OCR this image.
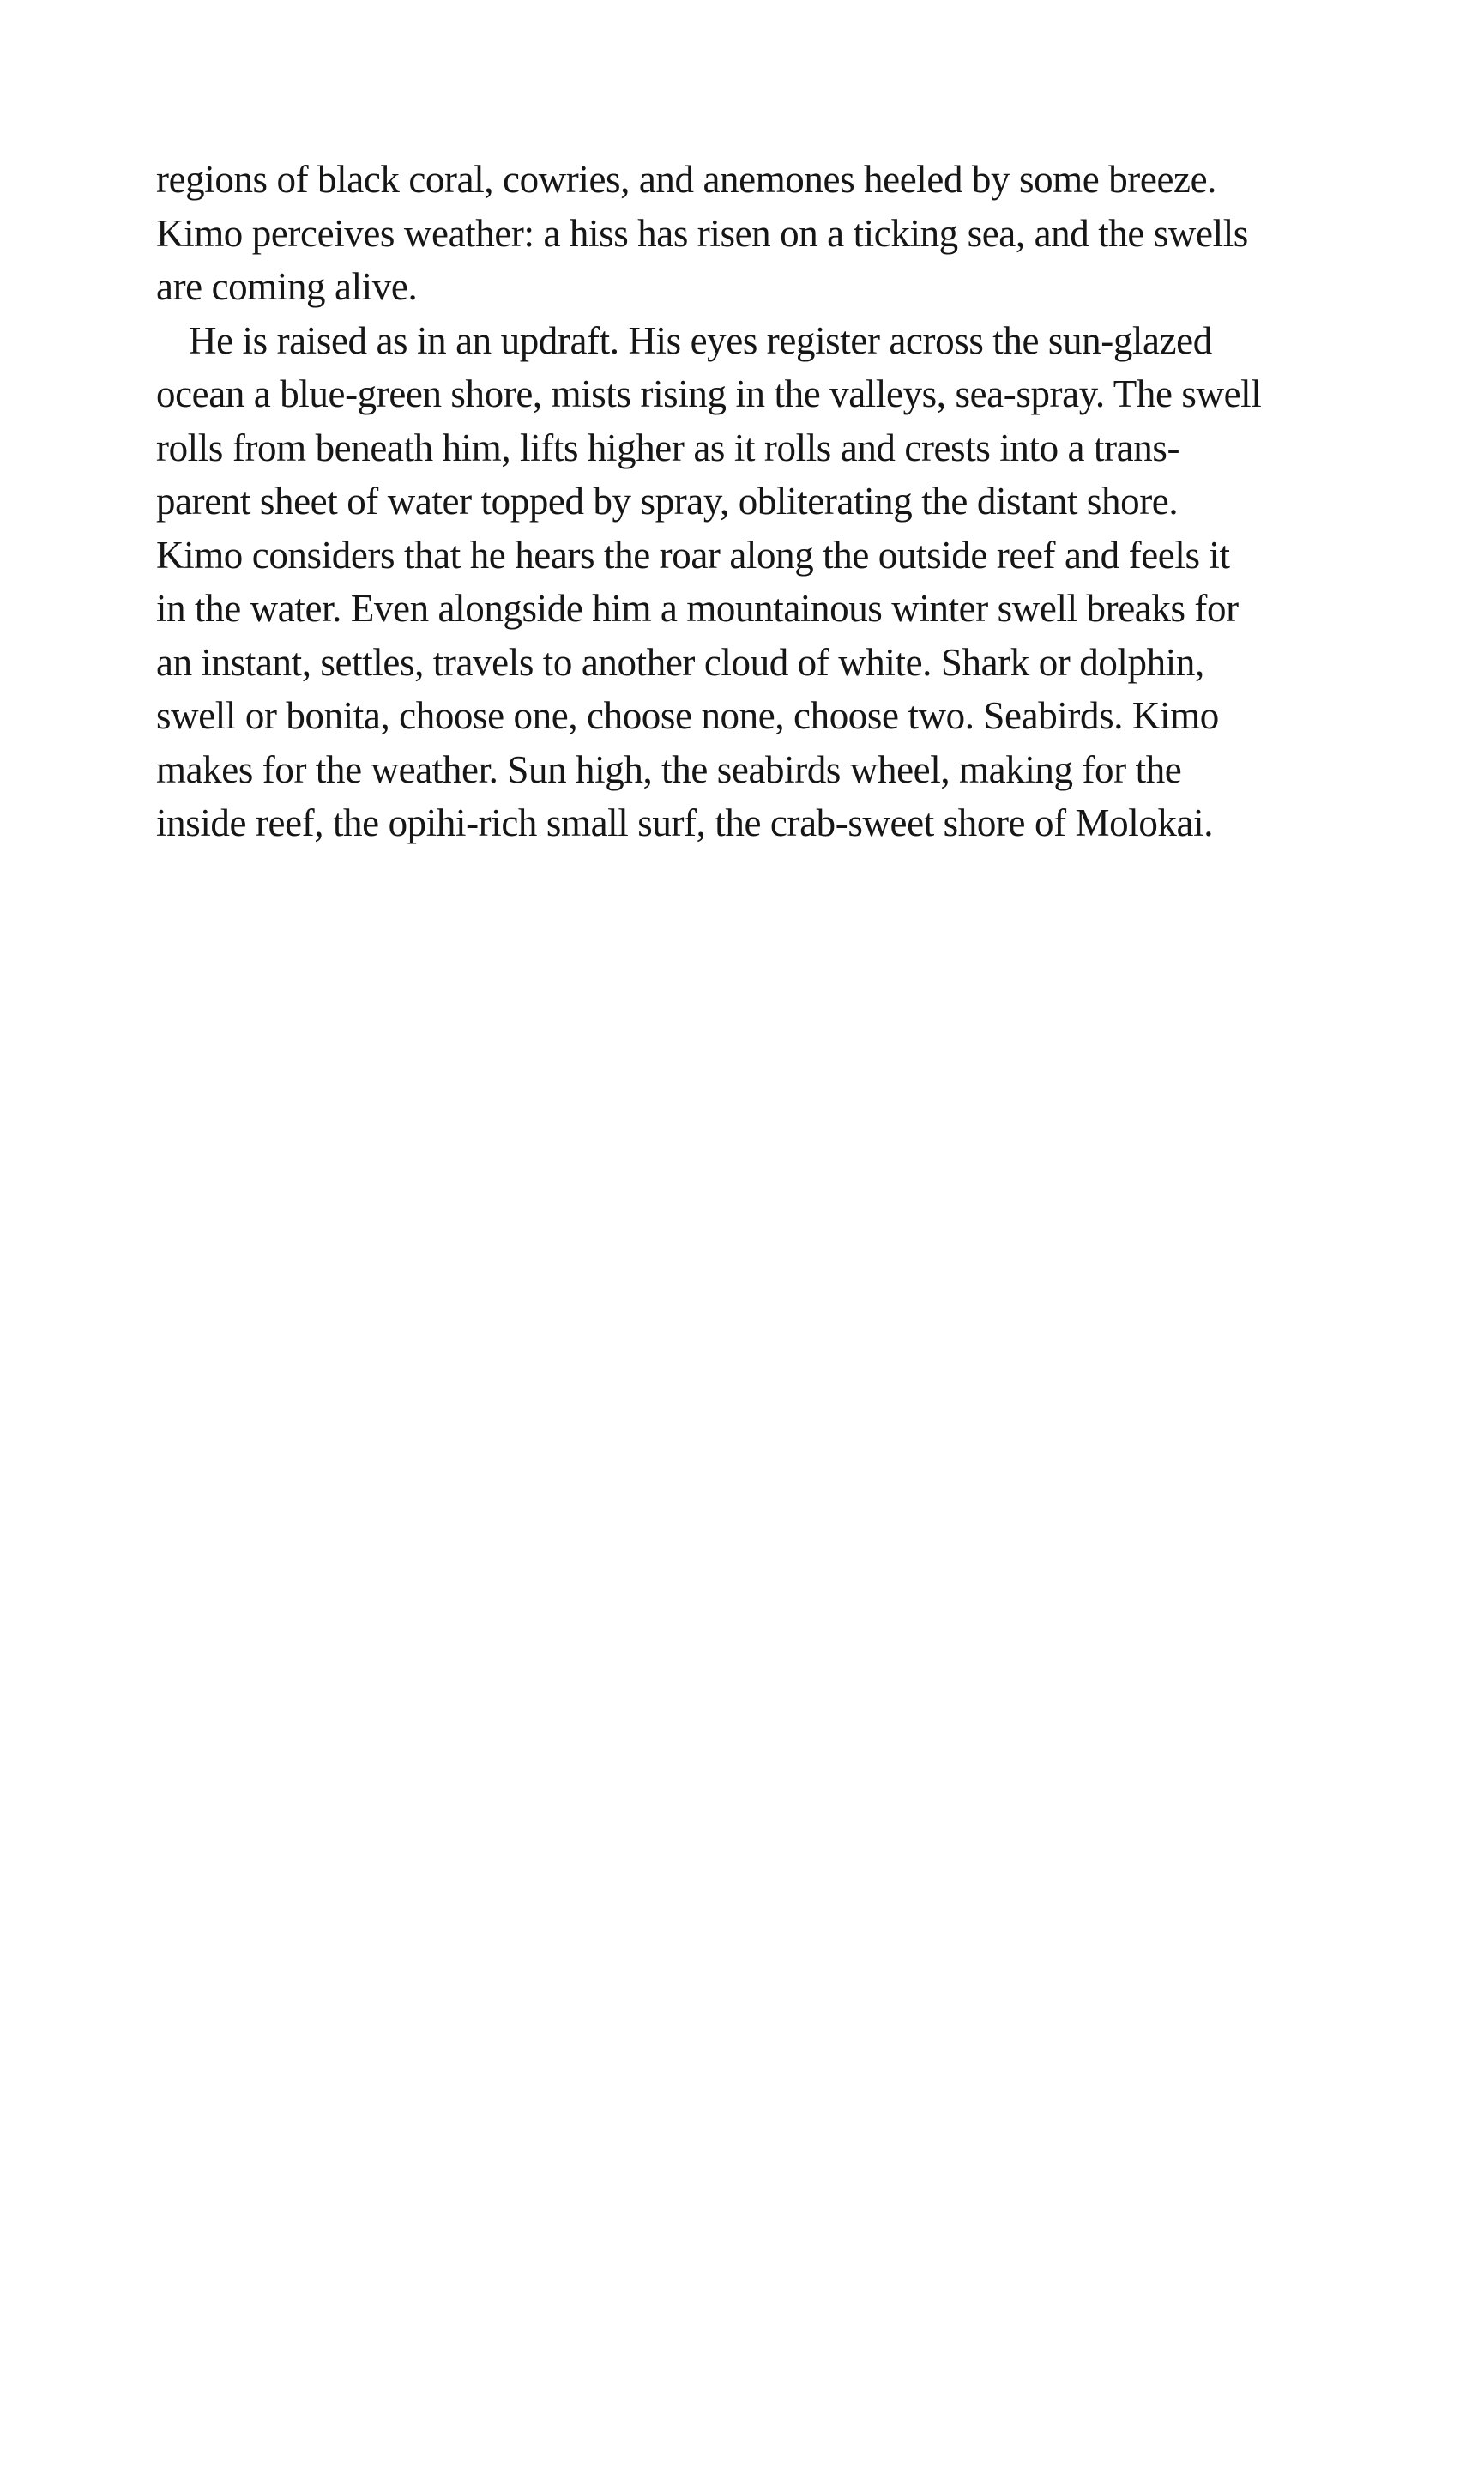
regions of black coral, cowries, and anemones heeled by some breeze.
Kimo perceives weather: a hiss has risen on a ticking sea, and the swells
are coming alive.
He is raised as in an updraft. His eyes register across the sun-glazed
ocean a blue-green shore, mists rising in the valleys, sea-spray. The swell
rolls from beneath him, lifts higher as it rolls and crests into a trans-
parent sheet of water topped by spray, obliterating the distant shore.
Kimo considers that he hears the roar along the outside reef and feels it
in the water. Even alongside him a mountainous winter swell breaks for
an instant, settles, travels to another cloud of white. Shark or dolphin,
swell or bonita, choose one, choose none, choose two. Seabirds. Kimo
makes for the weather. Sun high, the seabirds wheel, making for the
inside reef, the opihi-rich small surf, the crab-sweet shore of Molokai.
